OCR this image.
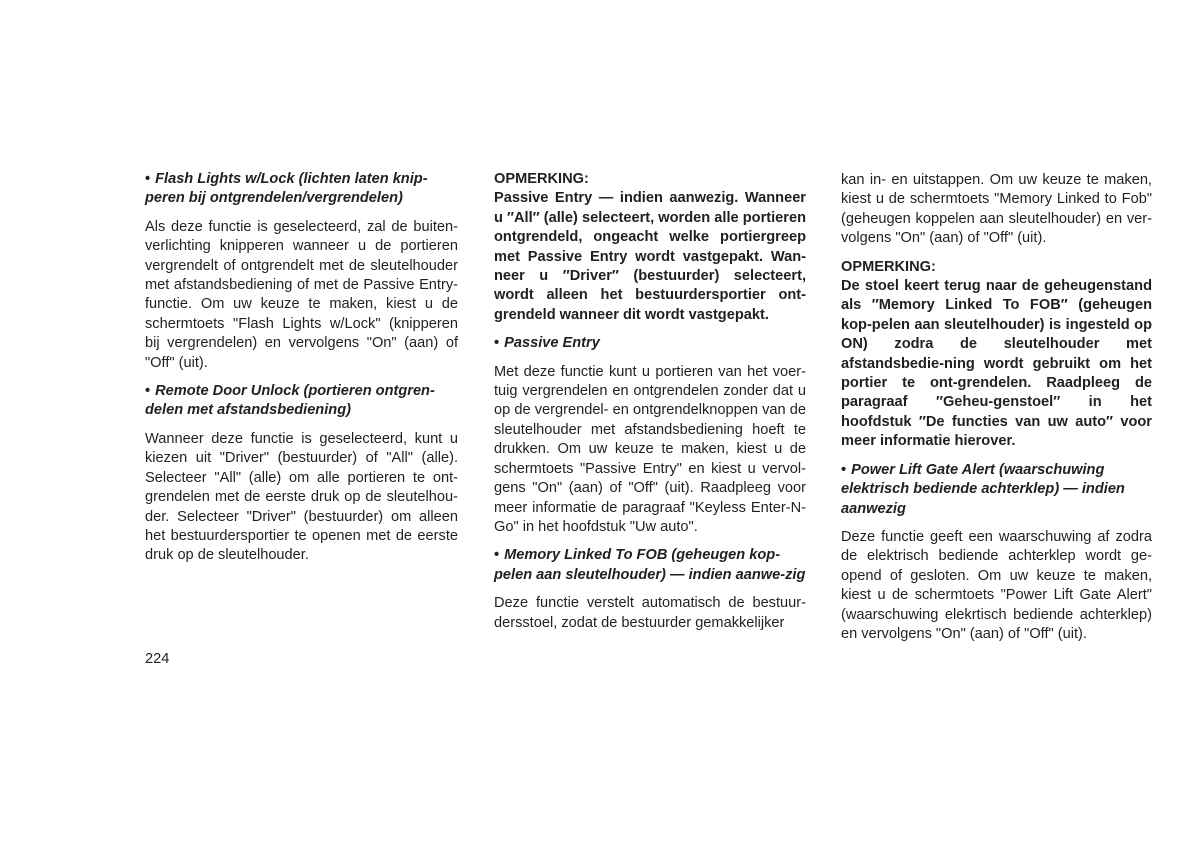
• Flash Lights w/Lock (lichten laten knip-peren bij ontgrendelen/vergrendelen)

Als deze functie is geselecteerd, zal de buiten-verlichting knipperen wanneer u de portieren vergrendelt of ontgrendelt met de sleutelhouder met afstandsbediening of met de Passive Entry-functie. Om uw keuze te maken, kiest u de schermtoets "Flash Lights w/Lock" (knipperen bij vergrendelen) en vervolgens "On" (aan) of "Off" (uit).

• Remote Door Unlock (portieren ontgren-delen met afstandsbediening)

Wanneer deze functie is geselecteerd, kunt u kiezen uit "Driver" (bestuurder) of "All" (alle). Selecteer "All" (alle) om alle portieren te ont-grendelen met de eerste druk op de sleutelhou-der. Selecteer "Driver" (bestuurder) om alleen het bestuurdersportier te openen met de eerste druk op de sleutelhouder.

OPMERKING:

Passive Entry — indien aanwezig. Wanneer u ″All″ (alle) selecteert, worden alle portieren ontgrendeld, ongeacht welke portiergreep met Passive Entry wordt vastgepakt. Wan-neer u ″Driver″ (bestuurder) selecteert, wordt alleen het bestuurdersportier ont-grendeld wanneer dit wordt vastgepakt.

• Passive Entry

Met deze functie kunt u portieren van het voer-tuig vergrendelen en ontgrendelen zonder dat u op de vergrendel- en ontgrendelknoppen van de sleutelhouder met afstandsbediening hoeft te drukken. Om uw keuze te maken, kiest u de schermtoets "Passive Entry" en kiest u vervol-gens "On" (aan) of "Off" (uit). Raadpleeg voor meer informatie de paragraaf "Keyless Enter-N-Go" in het hoofdstuk "Uw auto".

• Memory Linked To FOB (geheugen kop-pelen aan sleutelhouder) — indien aanwe-zig

Deze functie verstelt automatisch de bestuur-dersstoel, zodat de bestuurder gemakkelijker

kan in- en uitstappen. Om uw keuze te maken, kiest u de schermtoets "Memory Linked to Fob" (geheugen koppelen aan sleutelhouder) en ver-volgens "On" (aan) of "Off" (uit).

OPMERKING:

De stoel keert terug naar de geheugenstand als ″Memory Linked To FOB″ (geheugen kop-pelen aan sleutelhouder) is ingesteld op ON) zodra de sleutelhouder met afstandsbedie-ning wordt gebruikt om het portier te ont-grendelen. Raadpleeg de paragraaf ″Geheu-genstoel″ in het hoofdstuk ″De functies van uw auto″ voor meer informatie hierover.

• Power Lift Gate Alert (waarschuwing elektrisch bediende achterklep) — indien aanwezig

Deze functie geeft een waarschuwing af zodra de elektrisch bediende achterklep wordt ge-opend of gesloten. Om uw keuze te maken, kiest u de schermtoets "Power Lift Gate Alert" (waarschuwing elekrtisch bediende achterklep) en vervolgens "On" (aan) of "Off" (uit).

224
